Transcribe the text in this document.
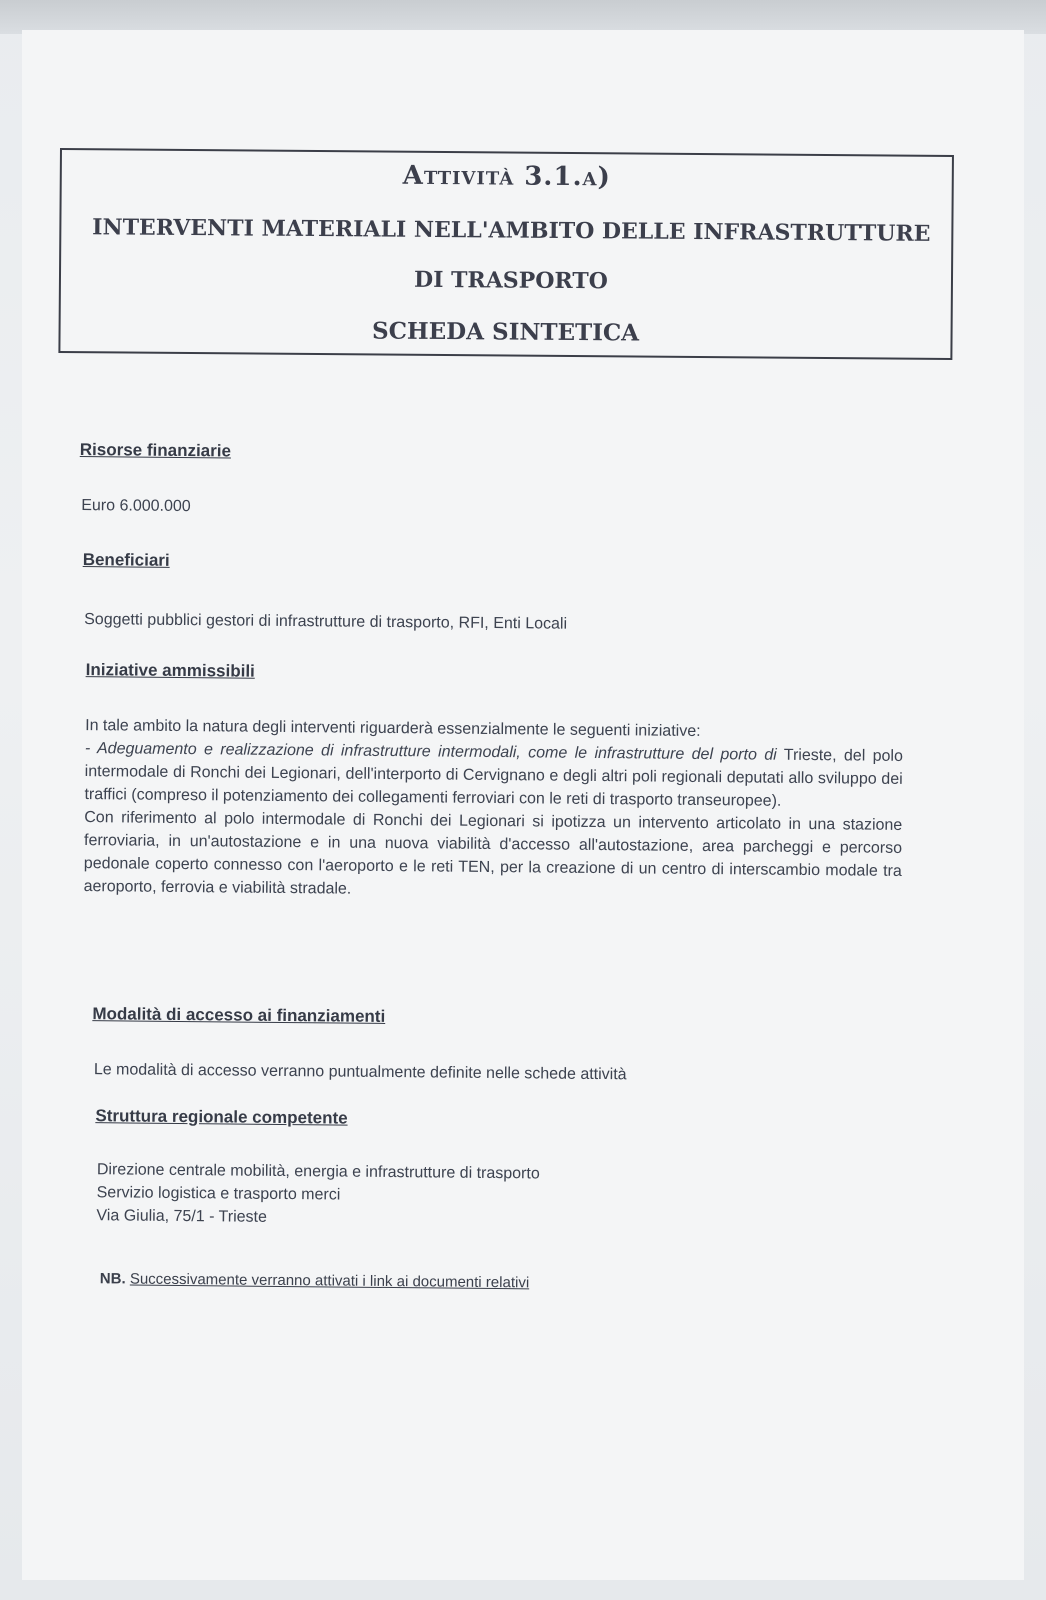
Attività 3.1.a)
INTERVENTI MATERIALI NELL'AMBITO DELLE INFRASTRUTTURE DI TRASPORTO
SCHEDA SINTETICA

Risorse finanziarie

Euro 6.000.000

Beneficiari

Soggetti pubblici gestori di infrastrutture di trasporto, RFI, Enti Locali

Iniziative ammissibili

In tale ambito la natura degli interventi riguarderà essenzialmente le seguenti iniziative:

- Adeguamento e realizzazione di infrastrutture intermodali, come le infrastrutture del porto di Trieste, del polo intermodale di Ronchi dei Legionari, dell'interporto di Cervignano e degli altri poli regionali deputati allo sviluppo dei traffici (compreso il potenziamento dei collegamenti ferroviari con le reti di trasporto transeuropee).

Con riferimento al polo intermodale di Ronchi dei Legionari si ipotizza un intervento articolato in una stazione ferroviaria, in un'autostazione e in una nuova viabilità d'accesso all'autostazione, area parcheggi e percorso pedonale coperto connesso con l'aeroporto e le reti TEN, per la creazione di un centro di interscambio modale tra aeroporto, ferrovia e viabilità stradale.

Modalità di accesso ai finanziamenti

Le modalità di accesso verranno puntualmente definite nelle schede attività

Struttura regionale competente

Direzione centrale mobilità, energia e infrastrutture di trasporto
Servizio logistica e trasporto merci
Via Giulia, 75/1 - Trieste
NB. Successivamente verranno attivati i link ai documenti relativi
